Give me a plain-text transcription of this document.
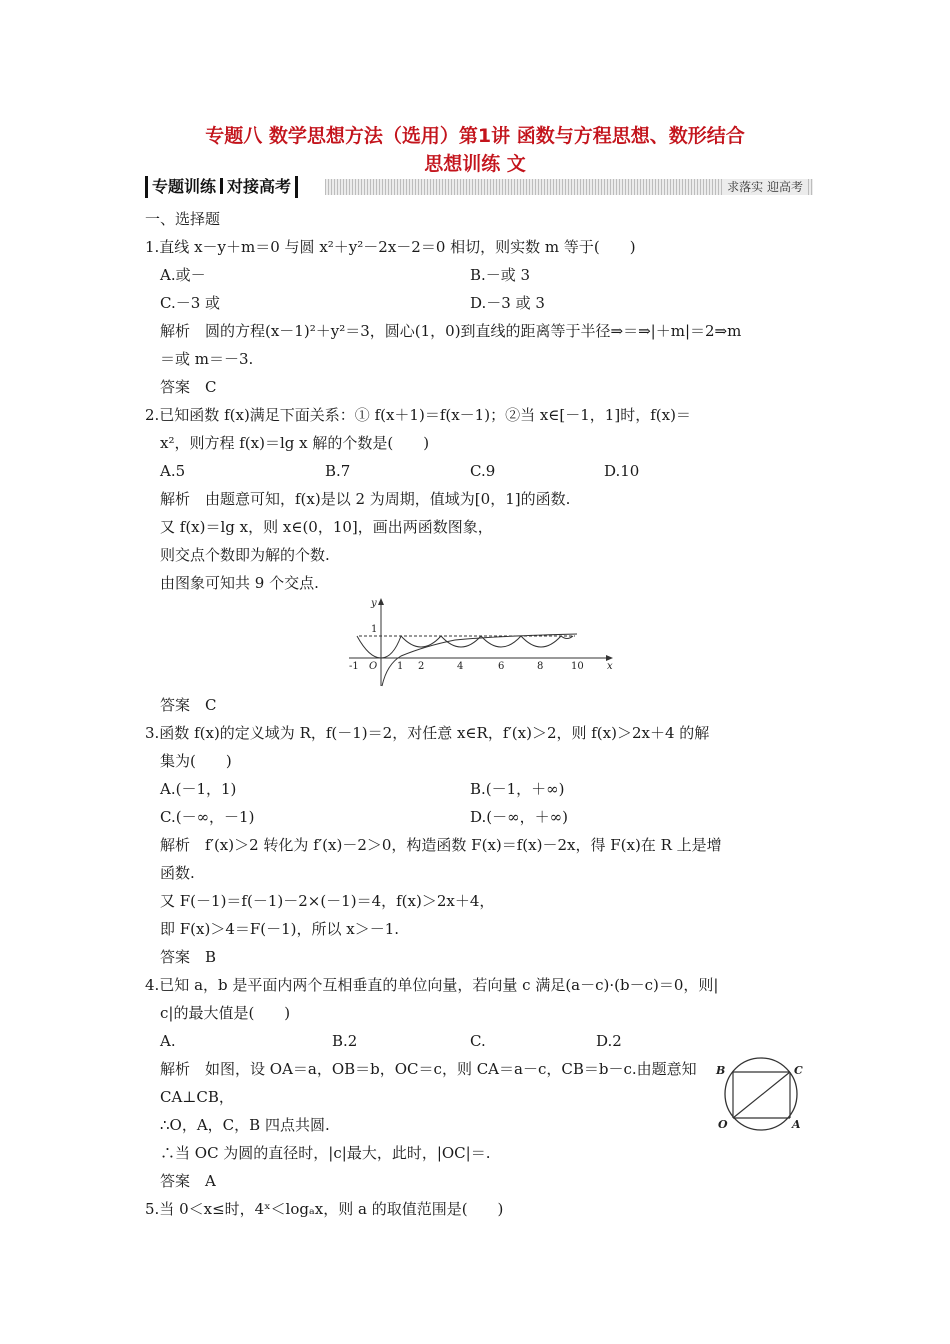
专题八 数学思想方法（选用）第1讲 函数与方程思想、数形结合
思想训练 文
专题训练 对接高考	求落实 迎高考
一、选择题
1.直线 x－y＋m＝0 与圆 x²＋y²－2x－2＝0 相切，则实数 m 等于(　　)
A.或－	B.－或 3
C.－3 或	D.－3 或 3
解析　圆的方程(x－1)²＋y²＝3，圆心(1，0)到直线的距离等于半径⇒＝⇒|＋m|＝2⇒m
＝或 m＝－3.
答案　C
2.已知函数 f(x)满足下面关系：① f(x＋1)＝f(x－1)；②当 x∈[－1，1]时，f(x)＝
x²，则方程 f(x)＝lg x 解的个数是(　　)
A.5	B.7	C.9	D.10
解析　由题意可知，f(x)是以 2 为周期，值域为[0，1]的函数.
又 f(x)＝lg x，则 x∈(0，10]，画出两函数图象，
则交点个数即为解的个数.
由图象可知共 9 个交点.
答案　C
3.函数 f(x)的定义域为 R，f(－1)＝2，对任意 x∈R，f′(x)＞2，则 f(x)＞2x＋4 的解
集为(　　)
A.(－1，1)	B.(－1，＋∞)
C.(－∞，－1)	D.(－∞，＋∞)
解析　f′(x)＞2 转化为 f′(x)－2＞0，构造函数 F(x)＝f(x)－2x，得 F(x)在 R 上是增
函数.
又 F(－1)＝f(－1)－2×(－1)＝4，f(x)＞2x＋4，
即 F(x)＞4＝F(－1)，所以 x＞－1.
答案　B
4.已知 a，b 是平面内两个互相垂直的单位向量，若向量 c 满足(a－c)·(b－c)＝0，则|
c|的最大值是(　　)
A.	B.2	C.	D.2
解析　如图，设 OA＝a，OB＝b，OC＝c，则 CA＝a－c，CB＝b－c.由题意知
CA⊥CB，
∴O，A，C，B 四点共圆.
∴当 OC 为圆的直径时，|c|最大，此时，|OC|＝.
答案　A
5.当 0＜x≤时，4ˣ＜logₐx，则 a 的取值范围是(　　)
y
x
1
O
-1	1 2	4	6	8	10
B	C
O	A
